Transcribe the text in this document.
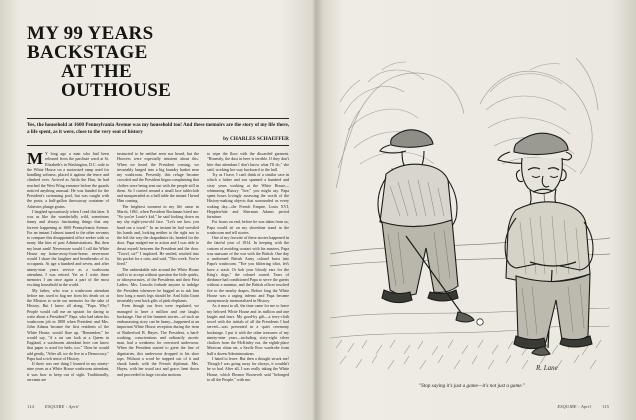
MY 99 YEARS
BACKSTAGE
AT THE
OUTHOUSE
Yes, the household at 1600 Pennsylvania Avenue was my household too! And these memoirs are the story of my life there, a life spent, as it were, close to the very seat of history
by CHARLES SCHAEFFER

M Y long ago a man who had been released from the parchute ward at St. Elizabeth's in Washington, D.C. rode to the White House on a motorized ramp used for handling softness, placed it against the fence and climbed over. Arrived as Attila the Hun, he had reached the West Wing entrance before the guards noticed anything unusual. He was handed for the President's swimming pool, but was caught with the posts; a half-gallon throwaway container of Asbestos plunge grains.

I laughed uproariously when I read this later. It was as like the wonderfully wild, sometimes funny and always fascinating things that any forever happening at 1600 Pennsylvania Avenue. For an instant I almost turned to the other servants to compare this disappointed office seeker with so many like him of past Administrations. But then my heart sank! Nevermore would I call the White House my home-away-from-home, nevermore would I share the laughter and heartbreaks of its occupants. At age a hundred and seven, and after ninety-nine years service as a washroom attendant, I was retired. Yet as I write these memoirs I am once again a part of the most exciting household in the world.

My father, who was a washroom attendant before me, used to bag me from his death cot at the Mission to write our memoirs for the sake of History. But I knew all along, "Papa. Why? People would call me an upstart for daring to write about a President?" Papa, who had taken his washroom job in 1808 when President and Mrs. John Adams became the first residents of the White House, would flare up. "Remember," he would say, "if a rat can look at a Queen in England, a washroom attendant here can know that paper is used for beds, too." Then he would add gently, "After all, we do live in a Democracy." Papa had a rich sense of History.

If there was one thing I learned in my ninety-nine years as a White House washroom attendant, it was how to keep out of sight. Traditionally, servants are

instructed to be neither seen nor heard, but the Hoovers were especially insistent about this. When we heard the President coming, we invariably lunged into a big laundry basket near my washroom. Presently, this refuge became crowded and the President began complaining that clothes were being sent out with the people still in them. So I carried around a small lace tablecloth and masqueraded as a ball table the instant I heard Him coming.

The brightest moment in my life came in March, 1861, when President Buchanan hired me. "So you're Louie's kid," he said looking down on my shy eight-year-old face. "Let's see how you hand out a towel." In an instant he had wrestled his hands and, looking neither to the right nor to the left the way the chapadmire do, headed for the door. Papa nudged me to action and I was able to thrust myself between the President and the door. "Towel, sir?" I implored. He smiled, reached into his pocket for a coin, and said, "This week. You're fired."

The unbreakable rule around the White House staff is to accept without question the little quirks, or idiosyncrasies, of the Presidents and their First Ladies. Mrs. Lincoln forbade anyone to indulge the President whenever he begged us to ask him how long a man's legs should be. And Julia Grant invariably sent back gifts of pink elephants.

Even though our lives were regulated, we managed to have a million and one laughs backstage. One of the funniest stories—of such an embarrassing story can be funny—happened at an important White House reception during the term of Rutherford B. Hayes. The President, a hard-working, conscientious and ordinarily ascetic man, had a weakness for oversized underwear. When the President started to greet the line of dignitaries, this underwear dropped to his shoe tops. Without a word he stepped out of it and shook hands with the French diplomat. Mrs. Hayes, with her usual tact and grace, bent down and proceeded in large circular motions

to wipe the floor with the discarded garment. "Honestly, the dust in here is terrible. If they don't hire that attendant I don't know what I'll do," she said, working her way backward to the hall.

Try as I have, I can't think of a similar case in which a father and son spanned a hundred and sixty years working at the White House—whimming History "live," you might say. Papa spent hours lovingly assessing the worth of the History-making objects that surrounded us every waking day—the French Empire, Louis XVI, Hepplewhite and Sherman Adams period furniture.

For hours on end, before he was taken from us, Papa would sit on my shoeshine stand in the washroom and tell stories.

One of my favorite of these stories happened in the fateful year of 1814. In keeping with the custom of avoiding contact with his masters, Papa was unaware of the war with the British. One day a uniformed British Army colonel burst into Papa's washroom. "'Ere you blittering idiot, let's have a wash. Or bob your bloody ears for the King's dogs," the colonel roared. Tears of diedance had conditioned Papa to serve the guests without a murmur, and the British officer touched fire to the nearby drapes. Before long the White House was a raging inferno and Papa became anonymously memorialized in History.

As it must to all, the time came for me to leave my beloved White House and its million and one laughs and tears. My good-by gift—a terry-cloth towel with the initials of all the Presidents I had served—was presented in a quiet ceremony backstage. I put it with the other treasures of my ninety-nine years—including sixty-eight silver chalices from the McKinley era, the eighth-place Mexican china set, a Savile Row wardrobe from half a dozen Administrations.

I hated to leave. But then a thought struck me! Though I was going away for always, it wouldn't be so bad. After all, I was really taking the White House, which Eleanor Roosevelt said "belonged to all the People," with me.

R. Lane
"Stop saying it's just a game—it's not just a game."
114 ESQUIRE : April	ESQUIRE : April 115
